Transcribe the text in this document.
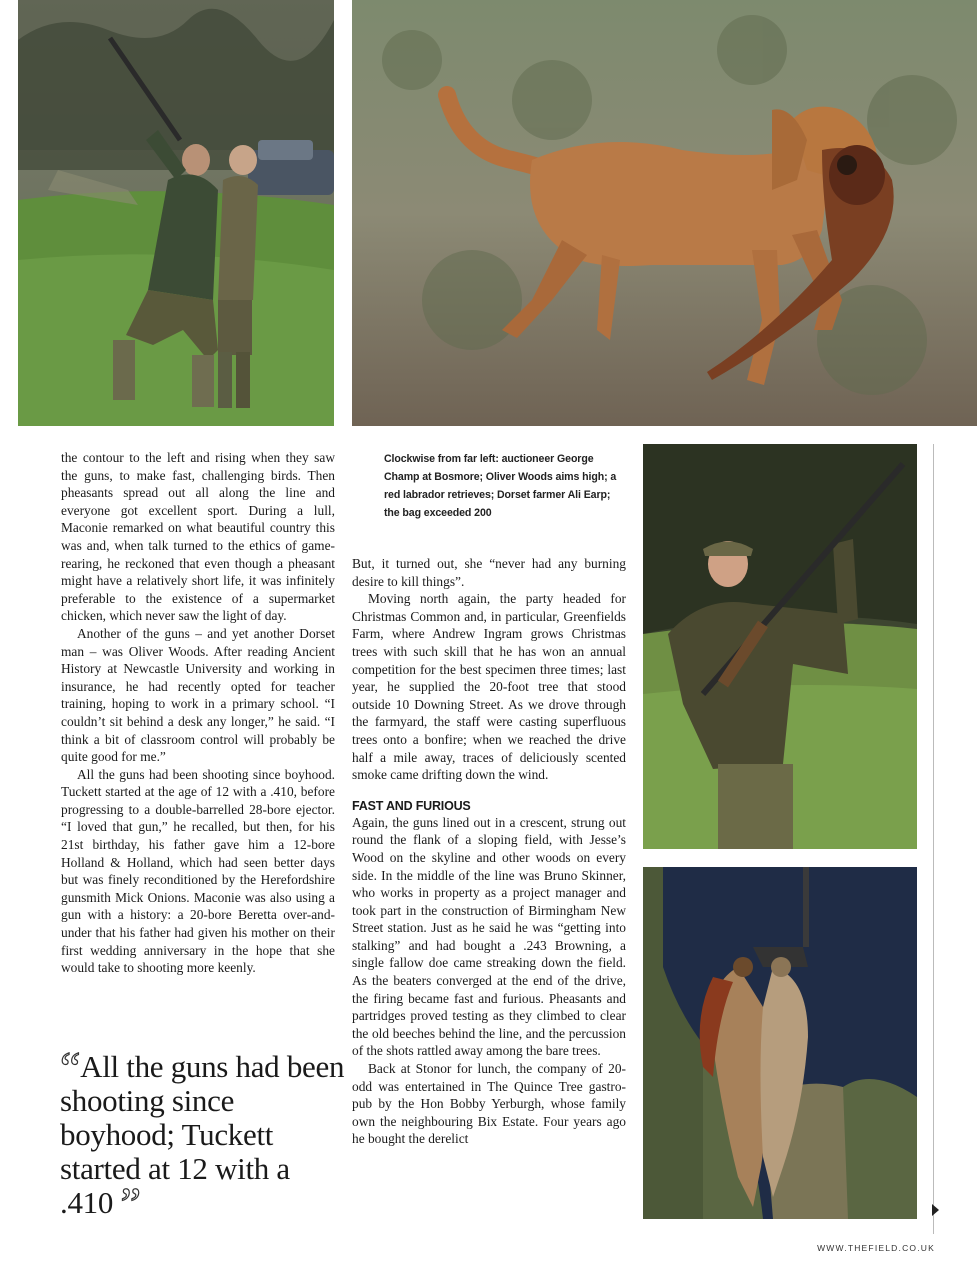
the contour to the left and rising when they saw the guns, to make fast, challenging birds. Then pheasants spread out all along the line and everyone got excellent sport. During a lull, Maconie remarked on what beautiful country this was and, when talk turned to the ethics of game-rearing, he reckoned that even though a pheasant might have a relatively short life, it was infinitely preferable to the existence of a supermarket chicken, which never saw the light of day.

Another of the guns – and yet another Dorset man – was Oliver Woods. After reading Ancient History at Newcastle University and working in insurance, he had recently opted for teacher training, hoping to work in a primary school. “I couldn’t sit behind a desk any longer,” he said. “I think a bit of classroom control will probably be quite good for me.”

All the guns had been shooting since boyhood. Tuckett started at the age of 12 with a .410, before progressing to a double-barrelled 28-bore ejector. “I loved that gun,” he recalled, but then, for his 21st birthday, his father gave him a 12-bore Holland & Holland, which had seen better days but was finely reconditioned by the Herefordshire gunsmith Mick Onions. Maconie was also using a gun with a history: a 20-bore Beretta over-and-under that his father had given his mother on their first wedding anniversary in the hope that she would take to shooting more keenly.

Clockwise from far left: auctioneer George Champ at Bosmore; Oliver Woods aims high; a red labrador retrieves; Dorset farmer Ali Earp; the bag exceeded 200
“All the guns had been shooting since boyhood; Tuckett started at 12 with a .410 ”

But, it turned out, she “never had any burning desire to kill things”.

Moving north again, the party headed for Christmas Common and, in particular, Greenfields Farm, where Andrew Ingram grows Christmas trees with such skill that he has won an annual competition for the best specimen three times; last year, he supplied the 20-foot tree that stood outside 10 Downing Street. As we drove through the farmyard, the staff were casting superfluous trees onto a bonfire; when we reached the drive half a mile away, traces of deliciously scented smoke came drifting down the wind.

FAST AND FURIOUS

Again, the guns lined out in a crescent, strung out round the flank of a sloping field, with Jesse’s Wood on the skyline and other woods on every side. In the middle of the line was Bruno Skinner, who works in property as a project manager and took part in the construction of Birmingham New Street station. Just as he said he was “getting into stalking” and had bought a .243 Browning, a single fallow doe came streaking down the field. As the beaters converged at the end of the drive, the firing became fast and furious. Pheasants and partridges proved testing as they climbed to clear the old beeches behind the line, and the percussion of the shots rattled away among the bare trees.

Back at Stonor for lunch, the company of 20-odd was entertained in The Quince Tree gastro-pub by the Hon Bobby Yerburgh, whose family own the neighbouring Bix Estate. Four years ago he bought the derelict

WWW.THEFIELD.CO.UK
